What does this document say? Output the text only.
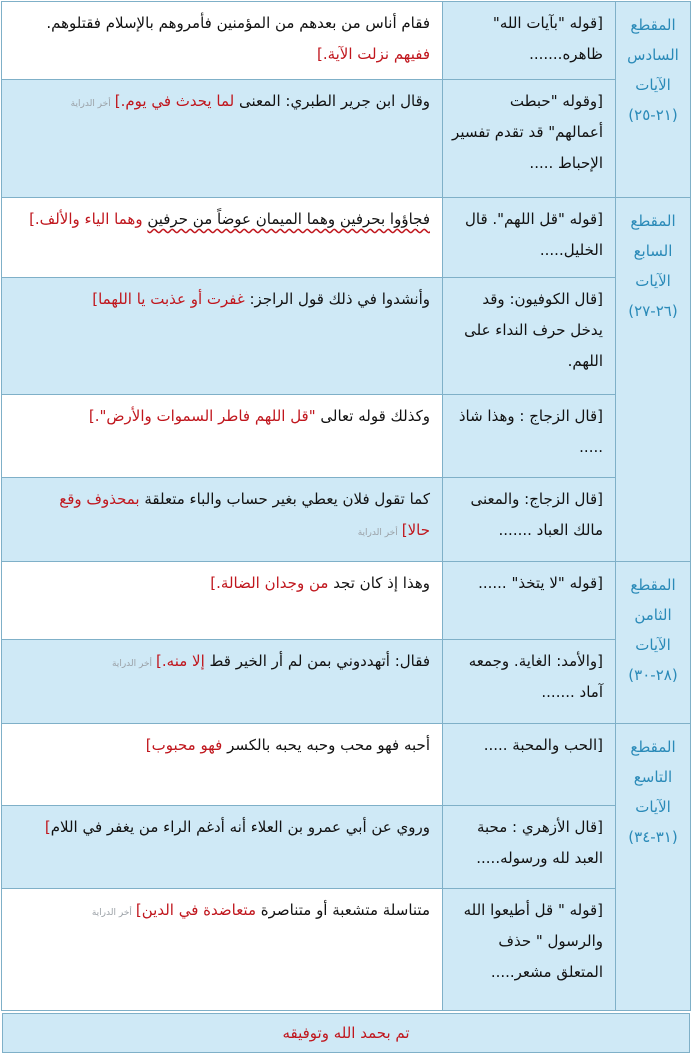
المقطع
السادس
الآيات
(٢١-٢٥)	[قوله "بآيات الله" ظاهره.......	فقام أناس من بعدهم من المؤمنين فأمروهم بالإسلام فقتلوهم. ففيهم نزلت الآية.]
	[وقوله "حبطت أعمالهم" قد تقدم تفسير الإحباط .....	وقال ابن جرير الطبري: المعنى لما يحدث في يوم.]أخر الدراية

المقطع
السابع
الآيات
(٢٦-٢٧)	[قوله "قل اللهم". قال الخليل.....	فجاؤوا بحرفين وهما الميمان عوضاً من حرفين وهما الياء والألف.]
	[قال الكوفيون: وقد يدخل حرف النداء على اللهم.	وأنشدوا في ذلك قول الراجز: غفرت أو عذبت يا اللهما]
	[قال الزجاج : وهذا شاذ .....	وكذلك قوله تعالى "قل اللهم فاطر السموات والأرض".]
	[قال الزجاج: والمعنى مالك العباد .......	كما تقول فلان يعطي بغير حساب والباء متعلقة بمحذوف وقع حالا]أخر الدراية

المقطع
الثامن
الآيات
(٢٨-٣٠)	[قوله "لا يتخذ" ......	وهذا إذ كان تجد من وجدان الضالة.]
	[والأمد: الغاية. وجمعه آماد .......	فقال: أتهددوني بمن لم أر الخير قط إلا منه.]أخر الدراية

المقطع
التاسع
الآيات
(٣١-٣٤)	[الحب والمحبة .....	أحبه فهو محب وحبه يحبه بالكسر فهو محبوب]
	[قال الأزهري : محبة العبد لله ورسوله.....	وروي عن أبي عمرو بن العلاء أنه أدغم الراء من يغفر في اللام]
	[قوله " قل أطيعوا الله والرسول " حذف المتعلق مشعر.....	متناسلة متشعبة أو متناصرة متعاضدة في الدين]أخر الدراية
تم بحمد الله وتوفيقه
